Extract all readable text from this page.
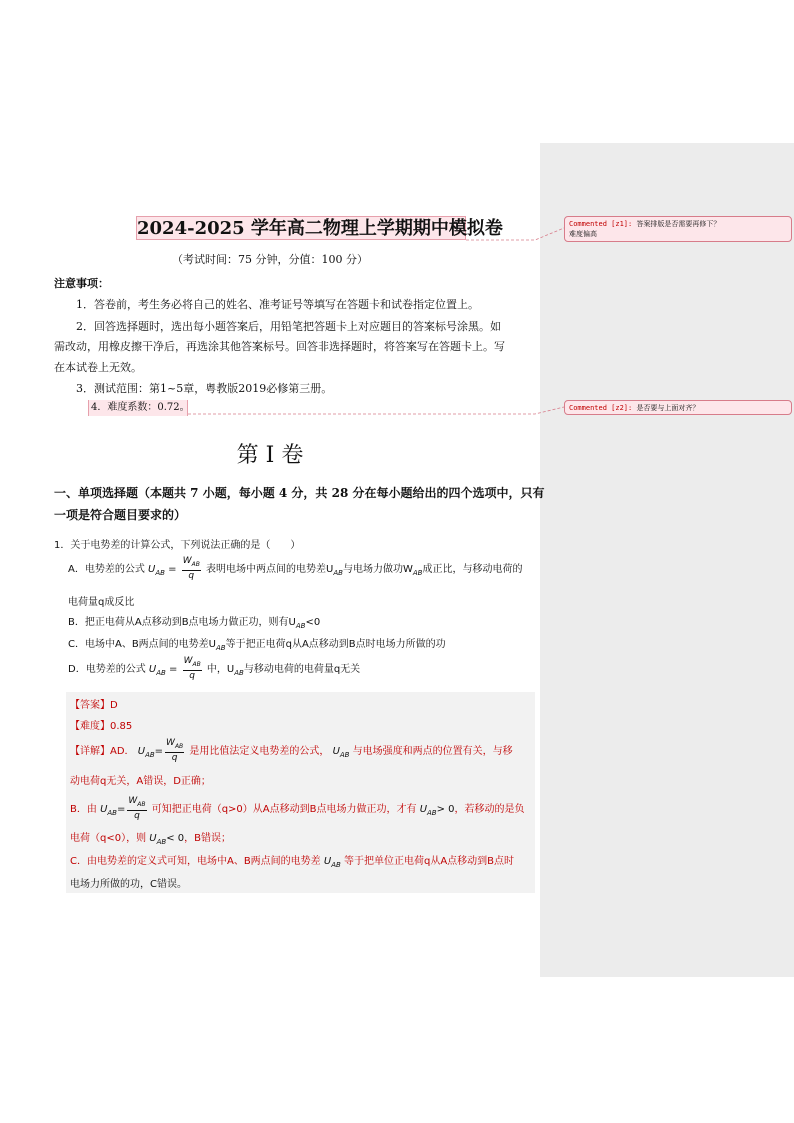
2024-2025 学年高二物理上学期期中模拟卷
（考试时间：75 分钟，分值：100 分）
注意事项：
1．答卷前，考生务必将自己的姓名、准考证号等填写在答题卡和试卷指定位置上。
2．回答选择题时，选出每小题答案后，用铅笔把答题卡上对应题目的答案标号涂黑。如
需改动，用橡皮擦干净后，再选涂其他答案标号。回答非选择题时，将答案写在答题卡上。写
在本试卷上无效。
3．测试范围：第1~5章，粤教版2019必修第三册。
4．难度系数：0.72。
第 I 卷
一、单项选择题（本题共 7 小题，每小题 4 分，共 28 分在每小题给出的四个选项中，只有
一项是符合题目要求的）
1．关于电势差的计算公式，下列说法正确的是（　　）
A．电势差的公式 $U_{AB} = \frac{W_{AB}}{q}$ 表明电场中两点间的电势差$U_{AB}$与电场力做功$W_{AB}$成正比，与移动电荷的
电荷量q成反比
B．把正电荷从A点移动到B点电场力做正功，则有$U_{AB}<0$
C．电场中A、B两点间的电势差$U_{AB}$等于把正电荷q从A点移动到B点时电场力所做的功
D．电势差的公式 $U_{AB} = \frac{W_{AB}}{q}$ 中，$U_{AB}$与移动电荷的电荷量q无关
【答案】D
【难度】0.85
【详解】AD． $U_{AB}= \frac{W_{AB}}{q}$ 是用比值法定义电势差的公式， $U_{AB}$ 与电场强度和两点的位置有关，与移
动电荷q无关，A错误，D正确；
B．由 $U_{AB}= \frac{W_{AB}}{q}$ 可知把正电荷（q>0）从A点移动到B点电场力做正功，才有 $U_{AB}> 0$，若移动的是负
电荷（q<0），则 $U_{AB}< 0$，B错误；
C．由电势差的定义式可知，电场中A、B两点间的电势差 $U_{AB}$ 等于把单位正电荷q从A点移动到B点时
电场力所做的功，C错误。
Commented [z1]: 答案排版是否需要再修下？
难度偏高
Commented [z2]: 是否要与上面对齐？
